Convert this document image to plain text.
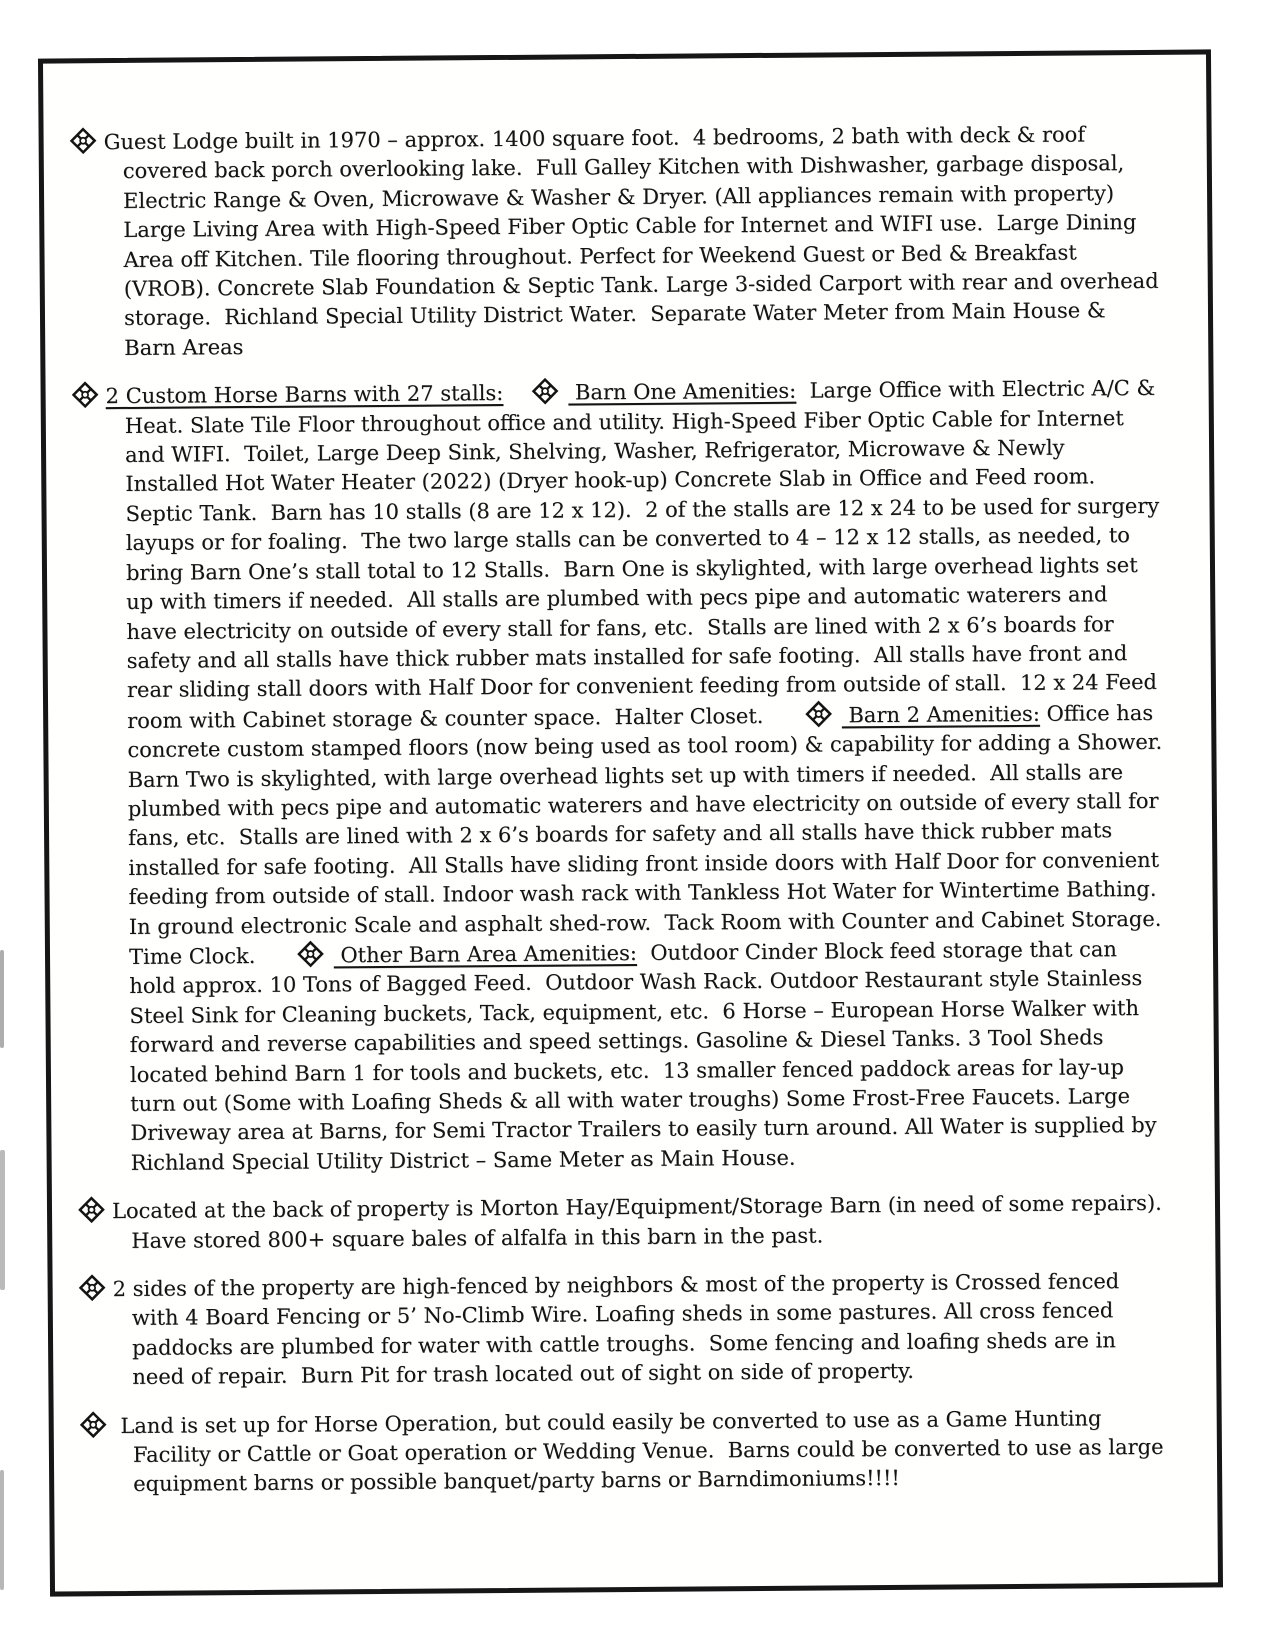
Guest Lodge built in 1970 – approx. 1400 square foot.  4 bedrooms, 2 bath with deck & roof covered back porch overlooking lake.  Full Galley Kitchen with Dishwasher, garbage disposal, Electric Range & Oven, Microwave & Washer & Dryer. (All appliances remain with property) Large Living Area with High-Speed Fiber Optic Cable for Internet and WIFI use.  Large Dining Area off Kitchen. Tile flooring throughout. Perfect for Weekend Guest or Bed & Breakfast (VROB). Concrete Slab Foundation & Septic Tank. Large 3-sided Carport with rear and overhead storage.  Richland Special Utility District Water.  Separate Water Meter from Main House & Barn Areas

2 Custom Horse Barns with 27 stalls:	Barn One Amenities:  Large Office with Electric A/C & Heat. Slate Tile Floor throughout office and utility. High-Speed Fiber Optic Cable for Internet and WIFI.  Toilet, Large Deep Sink, Shelving, Washer, Refrigerator, Microwave & Newly Installed Hot Water Heater (2022) (Dryer hook-up) Concrete Slab in Office and Feed room.  Septic Tank.  Barn has 10 stalls (8 are 12 x 12).  2 of the stalls are 12 x 24 to be used for surgery layups or for foaling.  The two large stalls can be converted to 4 – 12 x 12 stalls, as needed, to bring Barn One’s stall total to 12 Stalls.  Barn One is skylighted, with large overhead lights set up with timers if needed.  All stalls are plumbed with pecs pipe and automatic waterers and have electricity on outside of every stall for fans, etc.  Stalls are lined with 2 x 6’s boards for safety and all stalls have thick rubber mats installed for safe footing.  All stalls have front and rear sliding stall doors with Half Door for convenient feeding from outside of stall.  12 x 24 Feed room with Cabinet storage & counter space.  Halter Closet.	Barn 2 Amenities: Office has concrete custom stamped floors (now being used as tool room) & capability for adding a Shower. Barn Two is skylighted, with large overhead lights set up with timers if needed.  All stalls are plumbed with pecs pipe and automatic waterers and have electricity on outside of every stall for fans, etc.  Stalls are lined with 2 x 6’s boards for safety and all stalls have thick rubber mats installed for safe footing.  All Stalls have sliding front inside doors with Half Door for convenient feeding from outside of stall. Indoor wash rack with Tankless Hot Water for Wintertime Bathing.  In ground electronic Scale and asphalt shed-row.  Tack Room with Counter and Cabinet Storage.  Time Clock.	Other Barn Area Amenities:  Outdoor Cinder Block feed storage that can hold approx. 10 Tons of Bagged Feed.  Outdoor Wash Rack. Outdoor Restaurant style Stainless Steel Sink for Cleaning buckets, Tack, equipment, etc.  6 Horse – European Horse Walker with forward and reverse capabilities and speed settings. Gasoline & Diesel Tanks. 3 Tool Sheds located behind Barn 1 for tools and buckets, etc.  13 smaller fenced paddock areas for lay-up turn out (Some with Loafing Sheds & all with water troughs) Some Frost-Free Faucets. Large Driveway area at Barns, for Semi Tractor Trailers to easily turn around. All Water is supplied by Richland Special Utility District – Same Meter as Main House.

Located at the back of property is Morton Hay/Equipment/Storage Barn (in need of some repairs).  Have stored 800+ square bales of alfalfa in this barn in the past.

2 sides of the property are high-fenced by neighbors & most of the property is Crossed fenced with 4 Board Fencing or 5’ No-Climb Wire. Loafing sheds in some pastures. All cross fenced paddocks are plumbed for water with cattle troughs.  Some fencing and loafing sheds are in need of repair.  Burn Pit for trash located out of sight on side of property.

Land is set up for Horse Operation, but could easily be converted to use as a Game Hunting Facility or Cattle or Goat operation or Wedding Venue.  Barns could be converted to use as large equipment barns or possible banquet/party barns or Barndimoniums!!!!
